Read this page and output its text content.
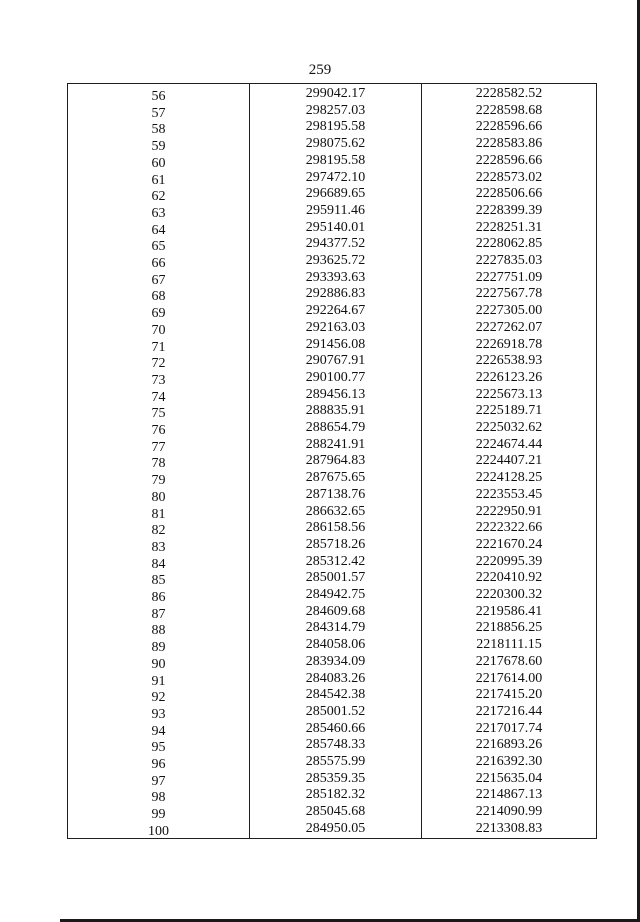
259
56	299042.17	2228582.52
57	298257.03	2228598.68
58	298195.58	2228596.66
59	298075.62	2228583.86
60	298195.58	2228596.66
61	297472.10	2228573.02
62	296689.65	2228506.66
63	295911.46	2228399.39
64	295140.01	2228251.31
65	294377.52	2228062.85
66	293625.72	2227835.03
67	293393.63	2227751.09
68	292886.83	2227567.78
69	292264.67	2227305.00
70	292163.03	2227262.07
71	291456.08	2226918.78
72	290767.91	2226538.93
73	290100.77	2226123.26
74	289456.13	2225673.13
75	288835.91	2225189.71
76	288654.79	2225032.62
77	288241.91	2224674.44
78	287964.83	2224407.21
79	287675.65	2224128.25
80	287138.76	2223553.45
81	286632.65	2222950.91
82	286158.56	2222322.66
83	285718.26	2221670.24
84	285312.42	2220995.39
85	285001.57	2220410.92
86	284942.75	2220300.32
87	284609.68	2219586.41
88	284314.79	2218856.25
89	284058.06	2218111.15
90	283934.09	2217678.60
91	284083.26	2217614.00
92	284542.38	2217415.20
93	285001.52	2217216.44
94	285460.66	2217017.74
95	285748.33	2216893.26
96	285575.99	2216392.30
97	285359.35	2215635.04
98	285182.32	2214867.13
99	285045.68	2214090.99
100	284950.05	2213308.83
